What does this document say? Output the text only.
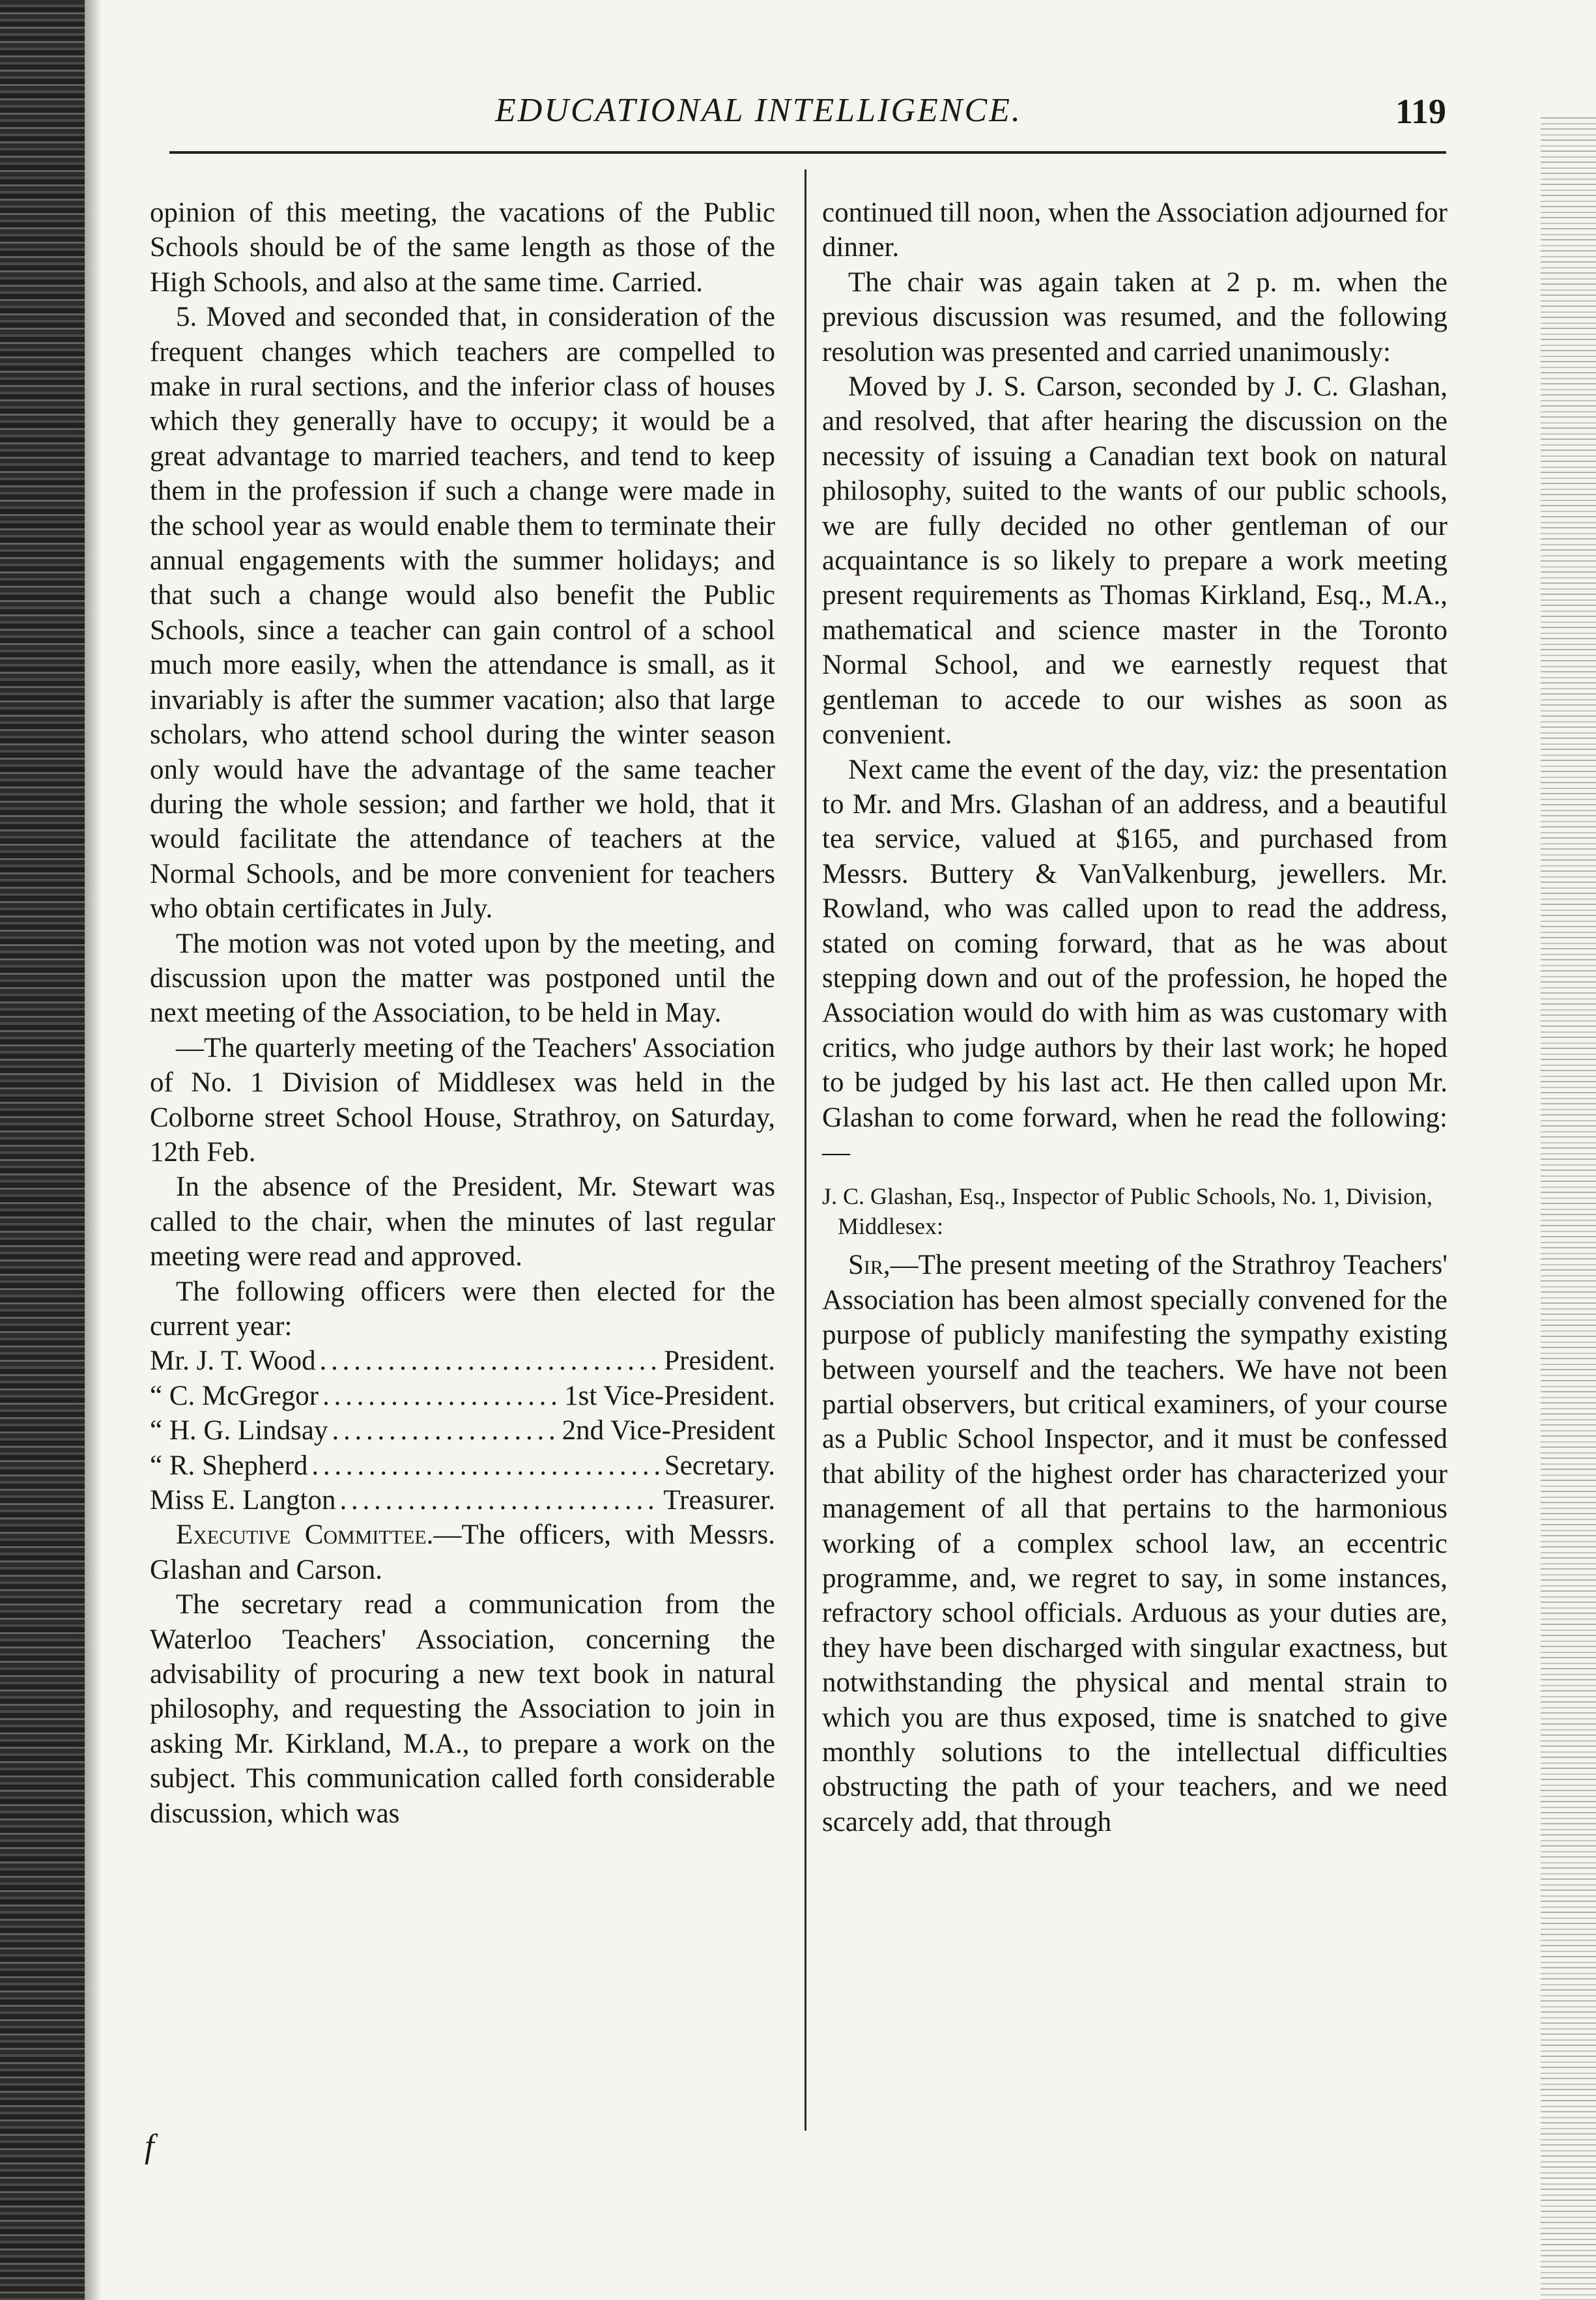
EDUCATIONAL INTELLIGENCE.	119

opinion of this meeting, the vacations of the Public Schools should be of the same length as those of the High Schools, and also at the same time. Carried.

5. Moved and seconded that, in consideration of the frequent changes which teachers are compelled to make in rural sections, and the inferior class of houses which they generally have to occupy; it would be a great advantage to married teachers, and tend to keep them in the profession if such a change were made in the school year as would enable them to terminate their annual engagements with the summer holidays; and that such a change would also benefit the Public Schools, since a teacher can gain control of a school much more easily, when the attendance is small, as it invariably is after the summer vacation; also that large scholars, who attend school during the winter season only would have the advantage of the same teacher during the whole session; and farther we hold, that it would facilitate the attendance of teachers at the Normal Schools, and be more convenient for teachers who obtain certificates in July.

The motion was not voted upon by the meeting, and discussion upon the matter was postponed until the next meeting of the Association, to be held in May.

—The quarterly meeting of the Teachers' Association of No. 1 Division of Middlesex was held in the Colborne street School House, Strathroy, on Saturday, 12th Feb.

In the absence of the President, Mr. Stewart was called to the chair, when the minutes of last regular meeting were read and approved.

The following officers were then elected for the current year:

Mr. J. T. Wood . . .	President.
“ C. McGregor . . .	1st Vice-President.
“ H. G. Lindsay . . .	2nd Vice-President
“ R. Shepherd . . .	Secretary.
Miss E. Langton . . .	Treasurer.

Executive Committee.—The officers, with Messrs. Glashan and Carson.

The secretary read a communication from the Waterloo Teachers' Association, concerning the advisability of procuring a new text book in natural philosophy, and requesting the Association to join in asking Mr. Kirkland, M.A., to prepare a work on the subject. This communication called forth considerable discussion, which was

continued till noon, when the Association adjourned for dinner.

The chair was again taken at 2 p. m. when the previous discussion was resumed, and the following resolution was presented and carried unanimously:

Moved by J. S. Carson, seconded by J. C. Glashan, and resolved, that after hearing the discussion on the necessity of issuing a Canadian text book on natural philosophy, suited to the wants of our public schools, we are fully decided no other gentleman of our acquaintance is so likely to prepare a work meeting present requirements as Thomas Kirkland, Esq., M.A., mathematical and science master in the Toronto Normal School, and we earnestly request that gentleman to accede to our wishes as soon as convenient.

Next came the event of the day, viz: the presentation to Mr. and Mrs. Glashan of an address, and a beautiful tea service, valued at $165, and purchased from Messrs. Buttery & VanValkenburg, jewellers. Mr. Rowland, who was called upon to read the address, stated on coming forward, that as he was about stepping down and out of the profession, he hoped the Association would do with him as was customary with critics, who judge authors by their last work; he hoped to be judged by his last act. He then called upon Mr. Glashan to come forward, when he read the following:—

J. C. Glashan, Esq., Inspector of Public Schools, No. 1, Division, Middlesex:

Sir,—The present meeting of the Strathroy Teachers' Association has been almost specially convened for the purpose of publicly manifesting the sympathy existing between yourself and the teachers. We have not been partial observers, but critical examiners, of your course as a Public School Inspector, and it must be confessed that ability of the highest order has characterized your management of all that pertains to the harmonious working of a complex school law, an eccentric programme, and, we regret to say, in some instances, refractory school officials. Arduous as your duties are, they have been discharged with singular exactness, but notwithstanding the physical and mental strain to which you are thus exposed, time is snatched to give monthly solutions to the intellectual difficulties obstructing the path of your teachers, and we need scarcely add, that through

f
